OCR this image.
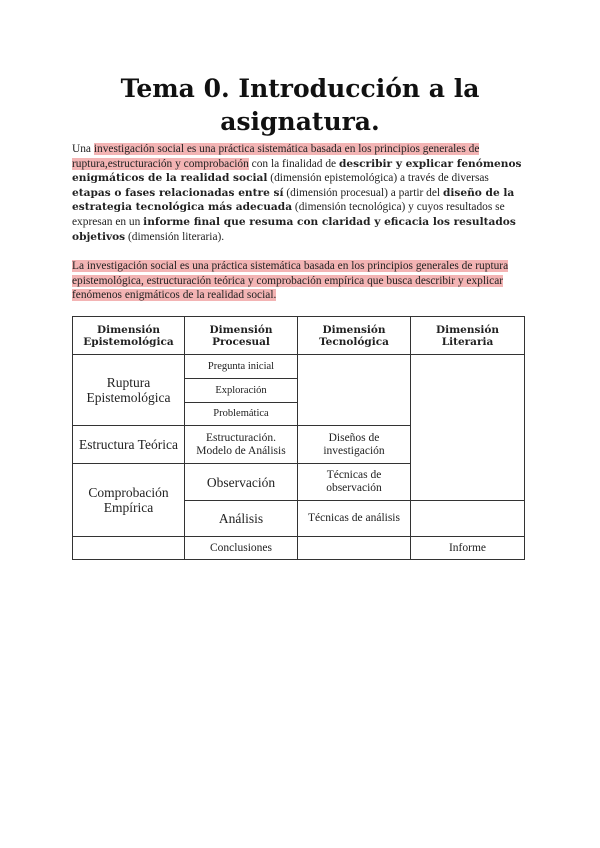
Tema 0. Introducción a la asignatura.
Una investigación social es una práctica sistemática basada en los principios generales de ruptura,estructuración y comprobación con la finalidad de describir y explicar fenómenos enigmáticos de la realidad social (dimensión epistemológica) a través de diversas etapas o fases relacionadas entre sí (dimensión procesual) a partir del diseño de la estrategia tecnológica más adecuada (dimensión tecnológica) y cuyos resultados se expresan en un informe final que resuma con claridad y eficacia los resultados objetivos (dimensión literaria).
La investigación social es una práctica sistemática basada en los principios generales de ruptura epistemológica, estructuración teórica y comprobación empírica que busca describir y explicar fenómenos enigmáticos de la realidad social.
Dimensión Epistemológica	Dimensión Procesual	Dimensión Tecnológica	Dimensión Literaria
Ruptura Epistemológica	Pregunta inicial		
	Exploración		
	Problemática		
Estructura Teórica	Estructuración. Modelo de Análisis	Diseños de investigación	
Comprobación Empírica	Observación	Técnicas de observación	
	Análisis	Técnicas de análisis	
	Conclusiones		Informe
